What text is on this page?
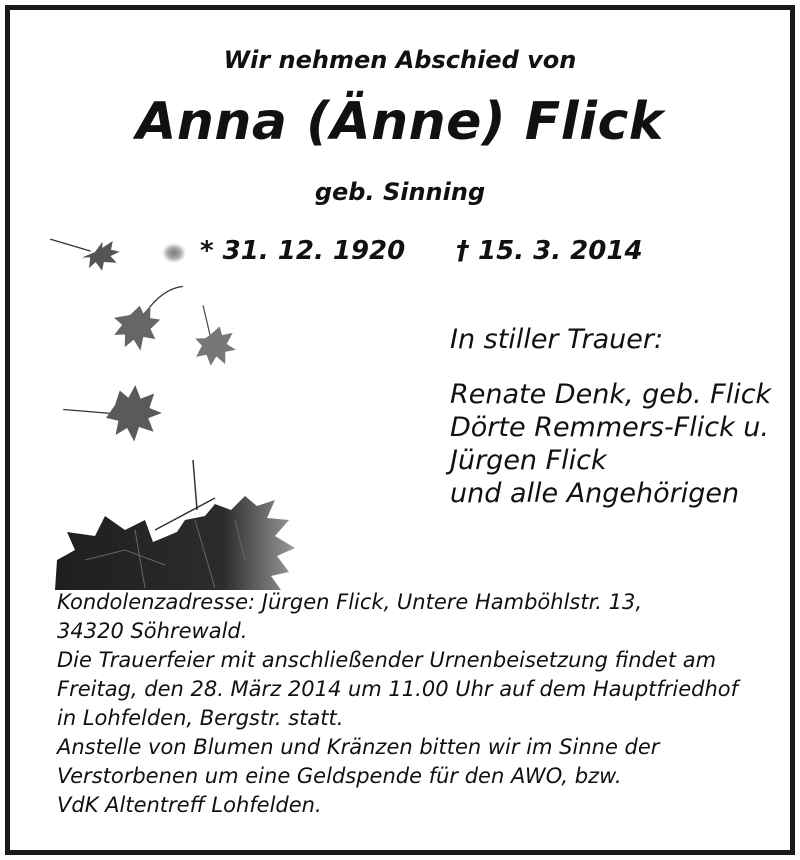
Wir nehmen Abschied von
Anna (Änne) Flick
geb. Sinning
* 31. 12. 1920 † 15. 3. 2014
In stiller Trauer:
Renate Denk, geb. Flick
Dörte Remmers-Flick u.
Jürgen Flick
und alle Angehörigen
Kondolenzadresse: Jürgen Flick, Untere Hamböhlstr. 13,
34320 Söhrewald.
Die Trauerfeier mit anschließender Urnenbeisetzung findet am
Freitag, den 28. März 2014 um 11.00 Uhr auf dem Hauptfriedhof
in Lohfelden, Bergstr. statt.
Anstelle von Blumen und Kränzen bitten wir im Sinne der
Verstorbenen um eine Geldspende für den AWO, bzw.
VdK Altentreff Lohfelden.
